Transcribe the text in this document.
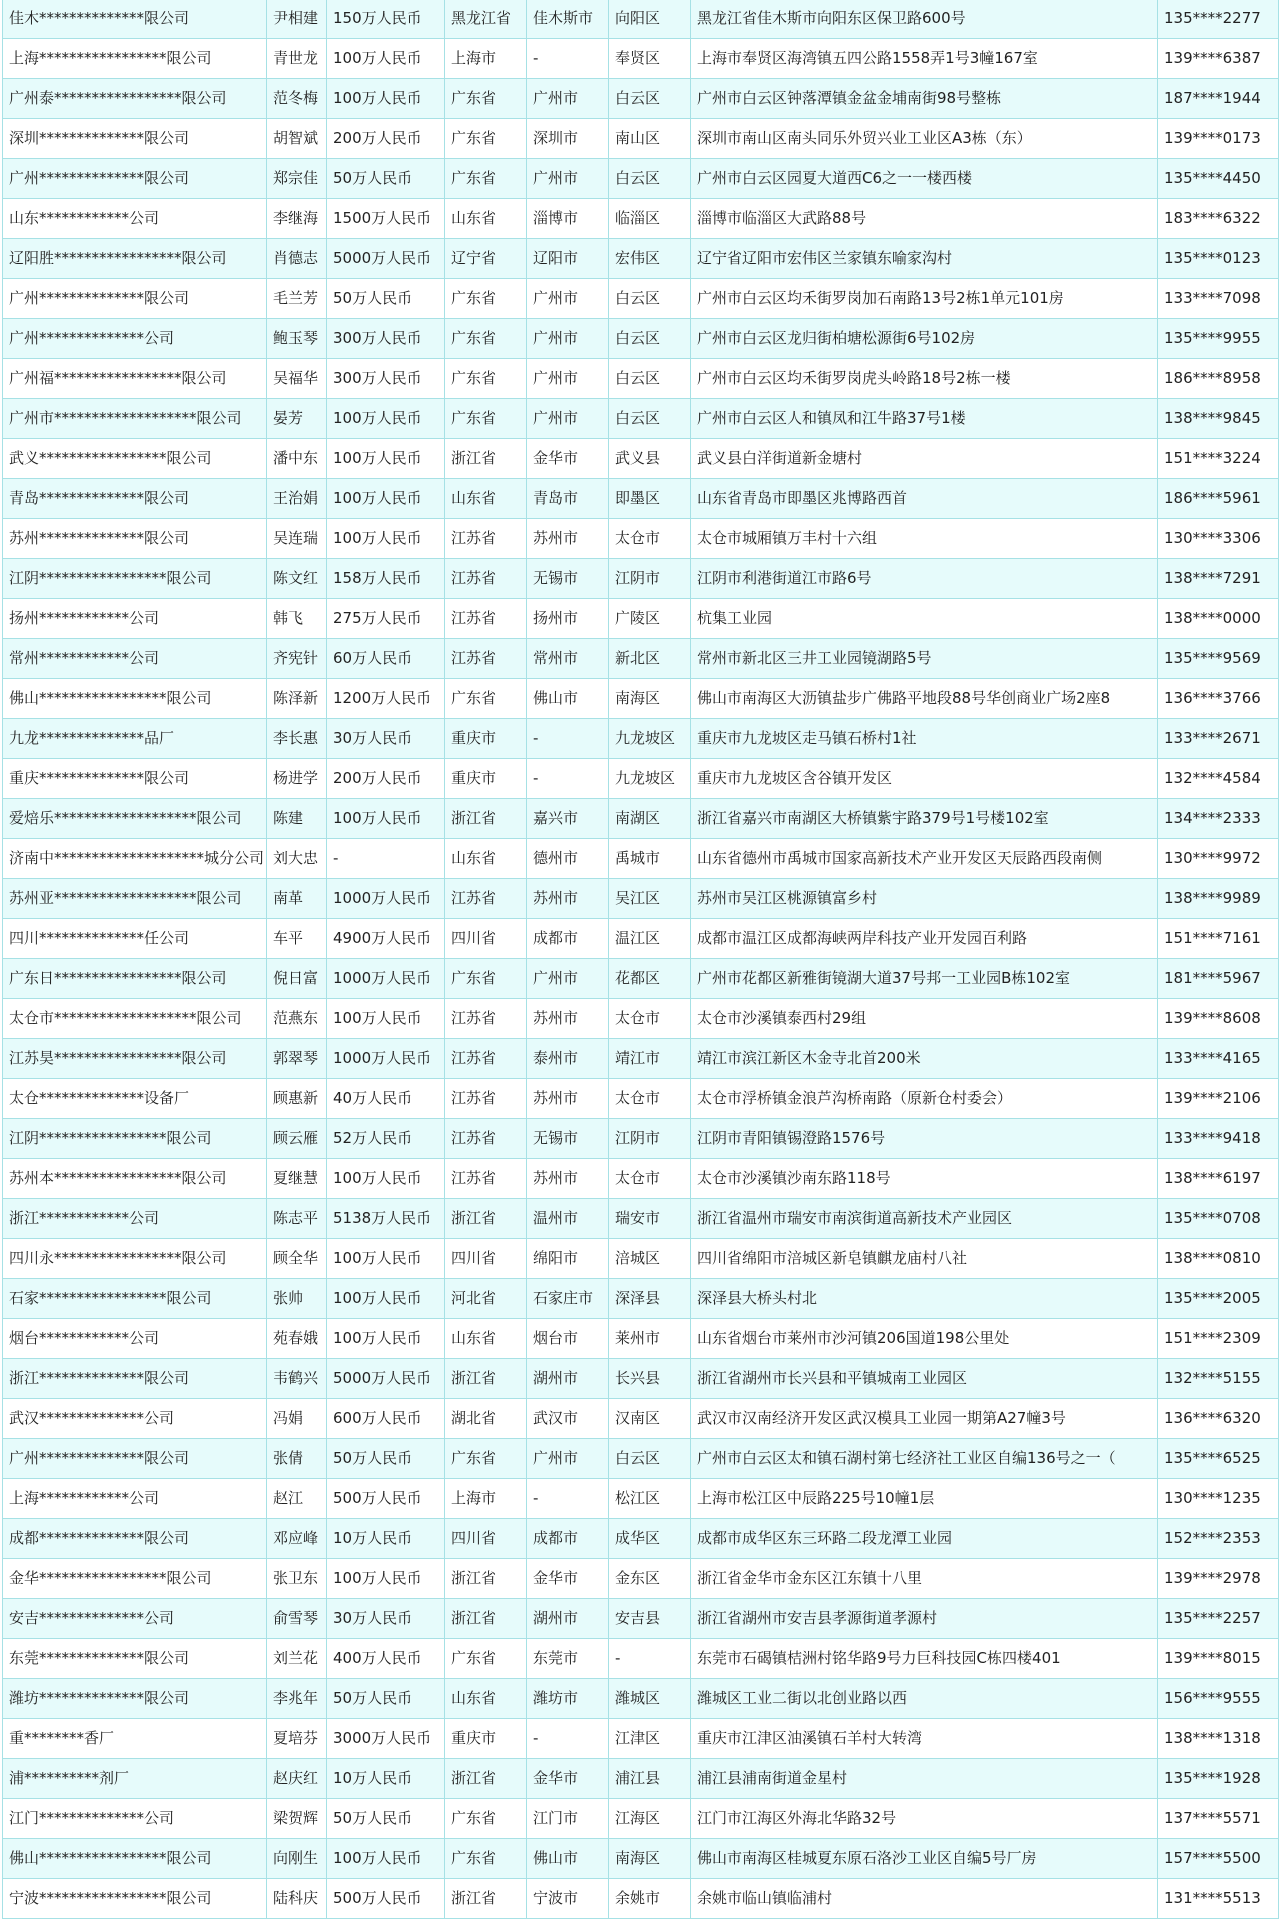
佳木**************限公司	尹相建	150万人民币	黑龙江省	佳木斯市	向阳区	黑龙江省佳木斯市向阳东区保卫路600号	135****2277
上海*****************限公司	青世龙	100万人民币	上海市	-	奉贤区	上海市奉贤区海湾镇五四公路1558弄1号3幢167室	139****6387
广州泰*****************限公司	范冬梅	100万人民币	广东省	广州市	白云区	广州市白云区钟落潭镇金盆金埔南街98号整栋	187****1944
深圳**************限公司	胡智斌	200万人民币	广东省	深圳市	南山区	深圳市南山区南头同乐外贸兴业工业区A3栋（东）	139****0173
广州**************限公司	郑宗佳	50万人民币	广东省	广州市	白云区	广州市白云区园夏大道西C6之一一楼西楼	135****4450
山东************公司	李继海	1500万人民币	山东省	淄博市	临淄区	淄博市临淄区大武路88号	183****6322
辽阳胜*****************限公司	肖德志	5000万人民币	辽宁省	辽阳市	宏伟区	辽宁省辽阳市宏伟区兰家镇东喻家沟村	135****0123
广州**************限公司	毛兰芳	50万人民币	广东省	广州市	白云区	广州市白云区均禾街罗岗加石南路13号2栋1单元101房	133****7098
广州**************公司	鲍玉琴	300万人民币	广东省	广州市	白云区	广州市白云区龙归街柏塘松源街6号102房	135****9955
广州福*****************限公司	吴福华	300万人民币	广东省	广州市	白云区	广州市白云区均禾街罗岗虎头岭路18号2栋一楼	186****8958
广州市*******************限公司	晏芳	100万人民币	广东省	广州市	白云区	广州市白云区人和镇凤和江牛路37号1楼	138****9845
武义*****************限公司	潘中东	100万人民币	浙江省	金华市	武义县	武义县白洋街道新金塘村	151****3224
青岛**************限公司	王治娟	100万人民币	山东省	青岛市	即墨区	山东省青岛市即墨区兆博路西首	186****5961
苏州**************限公司	吴连瑞	100万人民币	江苏省	苏州市	太仓市	太仓市城厢镇万丰村十六组	130****3306
江阴*****************限公司	陈文红	158万人民币	江苏省	无锡市	江阴市	江阴市利港街道江市路6号	138****7291
扬州************公司	韩飞	275万人民币	江苏省	扬州市	广陵区	杭集工业园	138****0000
常州************公司	齐宪针	60万人民币	江苏省	常州市	新北区	常州市新北区三井工业园镜湖路5号	135****9569
佛山*****************限公司	陈泽新	1200万人民币	广东省	佛山市	南海区	佛山市南海区大沥镇盐步广佛路平地段88号华创商业广场2座8	136****3766
九龙**************品厂	李长惠	30万人民币	重庆市	-	九龙坡区	重庆市九龙坡区走马镇石桥村1社	133****2671
重庆**************限公司	杨进学	200万人民币	重庆市	-	九龙坡区	重庆市九龙坡区含谷镇开发区	132****4584
爱焙乐*******************限公司	陈建	100万人民币	浙江省	嘉兴市	南湖区	浙江省嘉兴市南湖区大桥镇紫宇路379号1号楼102室	134****2333
济南中********************城分公司	刘大忠	-	山东省	德州市	禹城市	山东省德州市禹城市国家高新技术产业开发区天辰路西段南侧	130****9972
苏州亚*******************限公司	南革	1000万人民币	江苏省	苏州市	吴江区	苏州市吴江区桃源镇富乡村	138****9989
四川**************任公司	车平	4900万人民币	四川省	成都市	温江区	成都市温江区成都海峡两岸科技产业开发园百利路	151****7161
广东日*****************限公司	倪日富	1000万人民币	广东省	广州市	花都区	广州市花都区新雅街镜湖大道37号邦一工业园B栋102室	181****5967
太仓市*******************限公司	范燕东	100万人民币	江苏省	苏州市	太仓市	太仓市沙溪镇泰西村29组	139****8608
江苏昊*****************限公司	郭翠琴	1000万人民币	江苏省	泰州市	靖江市	靖江市滨江新区木金寺北首200米	133****4165
太仓**************设备厂	顾惠新	40万人民币	江苏省	苏州市	太仓市	太仓市浮桥镇金浪芦沟桥南路（原新仓村委会）	139****2106
江阴*****************限公司	顾云雁	52万人民币	江苏省	无锡市	江阴市	江阴市青阳镇锡澄路1576号	133****9418
苏州本*****************限公司	夏继慧	100万人民币	江苏省	苏州市	太仓市	太仓市沙溪镇沙南东路118号	138****6197
浙江************公司	陈志平	5138万人民币	浙江省	温州市	瑞安市	浙江省温州市瑞安市南滨街道高新技术产业园区	135****0708
四川永*****************限公司	顾全华	100万人民币	四川省	绵阳市	涪城区	四川省绵阳市涪城区新皂镇麒龙庙村八社	138****0810
石家*****************限公司	张帅	100万人民币	河北省	石家庄市	深泽县	深泽县大桥头村北	135****2005
烟台************公司	苑春娥	100万人民币	山东省	烟台市	莱州市	山东省烟台市莱州市沙河镇206国道198公里处	151****2309
浙江**************限公司	韦鹤兴	5000万人民币	浙江省	湖州市	长兴县	浙江省湖州市长兴县和平镇城南工业园区	132****5155
武汉**************公司	冯娟	600万人民币	湖北省	武汉市	汉南区	武汉市汉南经济开发区武汉模具工业园一期第A27幢3号	136****6320
广州**************限公司	张倩	50万人民币	广东省	广州市	白云区	广州市白云区太和镇石湖村第七经济社工业区自编136号之一（	135****6525
上海************公司	赵江	500万人民币	上海市	-	松江区	上海市松江区中辰路225号10幢1层	130****1235
成都**************限公司	邓应峰	10万人民币	四川省	成都市	成华区	成都市成华区东三环路二段龙潭工业园	152****2353
金华*****************限公司	张卫东	100万人民币	浙江省	金华市	金东区	浙江省金华市金东区江东镇十八里	139****2978
安吉**************公司	俞雪琴	30万人民币	浙江省	湖州市	安吉县	浙江省湖州市安吉县孝源街道孝源村	135****2257
东莞**************限公司	刘兰花	400万人民币	广东省	东莞市	-	东莞市石碣镇桔洲村铭华路9号力巨科技园C栋四楼401	139****8015
潍坊**************限公司	李兆年	50万人民币	山东省	潍坊市	潍城区	潍城区工业二街以北创业路以西	156****9555
重********香厂	夏培芬	3000万人民币	重庆市	-	江津区	重庆市江津区油溪镇石羊村大转湾	138****1318
浦**********剂厂	赵庆红	10万人民币	浙江省	金华市	浦江县	浦江县浦南街道金星村	135****1928
江门**************公司	梁贺辉	50万人民币	广东省	江门市	江海区	江门市江海区外海北华路32号	137****5571
佛山*****************限公司	向刚生	100万人民币	广东省	佛山市	南海区	佛山市南海区桂城夏东原石洛沙工业区自编5号厂房	157****5500
宁波*****************限公司	陆科庆	500万人民币	浙江省	宁波市	余姚市	余姚市临山镇临浦村	131****5513
